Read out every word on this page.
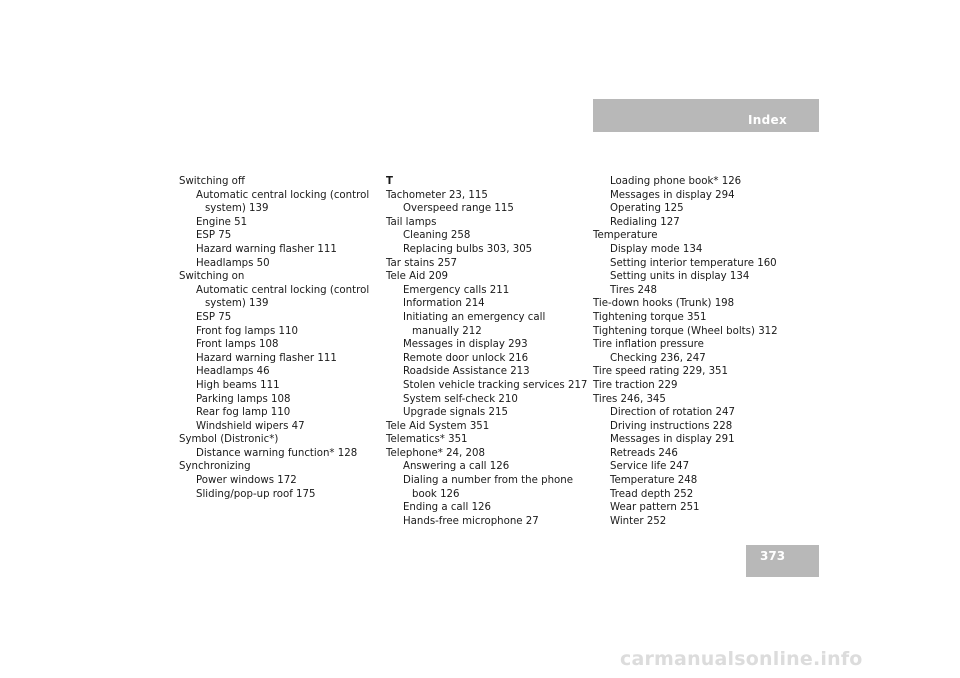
Index
Switching off
Automatic central locking (control
system) 139
Engine 51
ESP 75
Hazard warning flasher 111
Headlamps 50
Switching on
Automatic central locking (control
system) 139
ESP 75
Front fog lamps 110
Front lamps 108
Hazard warning flasher 111
Headlamps 46
High beams 111
Parking lamps 108
Rear fog lamp 110
Windshield wipers 47
Symbol (Distronic*)
Distance warning function* 128
Synchronizing
Power windows 172
Sliding/pop-up roof 175
T
Tachometer 23, 115
Overspeed range 115
Tail lamps
Cleaning 258
Replacing bulbs 303, 305
Tar stains 257
Tele Aid 209
Emergency calls 211
Information 214
Initiating an emergency call
manually 212
Messages in display 293
Remote door unlock 216
Roadside Assistance 213
Stolen vehicle tracking services 217
System self-check 210
Upgrade signals 215
Tele Aid System 351
Telematics* 351
Telephone* 24, 208
Answering a call 126
Dialing a number from the phone
book 126
Ending a call 126
Hands-free microphone 27
Loading phone book* 126
Messages in display 294
Operating 125
Redialing 127
Temperature
Display mode 134
Setting interior temperature 160
Setting units in display 134
Tires 248
Tie-down hooks (Trunk) 198
Tightening torque 351
Tightening torque (Wheel bolts) 312
Tire inflation pressure
Checking 236, 247
Tire speed rating 229, 351
Tire traction 229
Tires 246, 345
Direction of rotation 247
Driving instructions 228
Messages in display 291
Retreads 246
Service life 247
Temperature 248
Tread depth 252
Wear pattern 251
Winter 252
373
carmanualsonline.info
